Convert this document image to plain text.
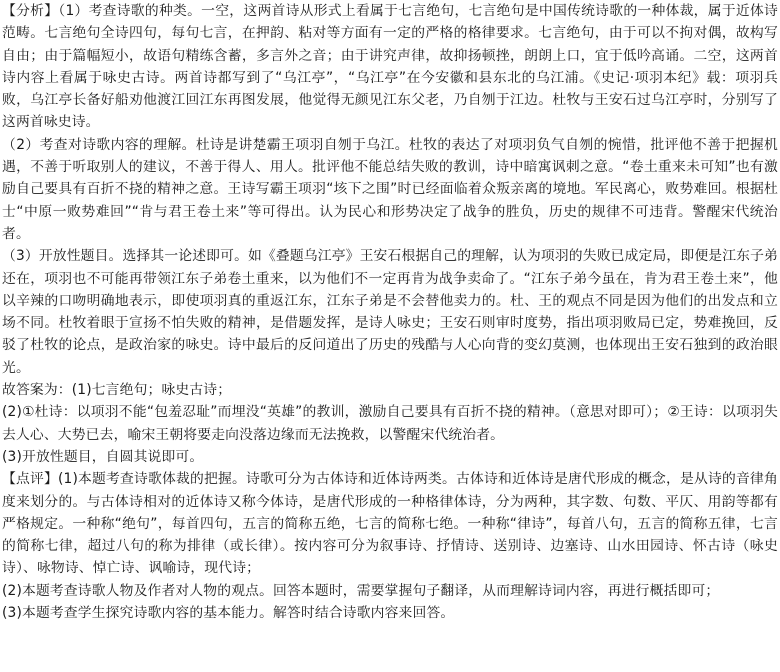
【分析】（1）考查诗歌的种类。一空，这两首诗从形式上看属于七言绝句，七言绝句是中国传统诗歌的一种体裁，属于近体诗范畴。七言绝句全诗四句，每句七言，在押韵、粘对等方面有一定的严格的格律要求。七言绝句，由于可以不拘对偶，故构写自由；由于篇幅短小，故语句精练含蓄，多言外之音；由于讲究声律，故抑扬顿挫，朗朗上口，宜于低吟高诵。二空，这两首诗内容上看属于咏史古诗。两首诗都写到了“乌江亭”，“乌江亭”在今安徽和县东北的乌江浦。《史记·项羽本纪》载：项羽兵败，乌江亭长备好船劝他渡江回江东再图发展，他觉得无颜见江东父老，乃自刎于江边。杜牧与王安石过乌江亭时，分别写了这两首咏史诗。

（2）考查对诗歌内容的理解。杜诗是讲楚霸王项羽自刎于乌江。杜牧的表达了对项羽负气自刎的惋惜，批评他不善于把握机遇，不善于听取别人的建议，不善于得人、用人。批评他不能总结失败的教训，诗中暗寓讽刺之意。“卷土重来未可知”也有激励自己要具有百折不挠的精神之意。王诗写霸王项羽“垓下之围”时已经面临着众叛亲离的境地。军民离心，败势难回。根据杜士“中原一败势难回”“肯与君王卷土来”等可得出。认为民心和形势决定了战争的胜负，历史的规律不可违背。警醒宋代统治者。

（3）开放性题目。选择其一论述即可。如《叠题乌江亭》王安石根据自己的理解，认为项羽的失败已成定局，即便是江东子弟还在，项羽也不可能再带领江东子弟卷土重来，以为他们不一定再肯为战争卖命了。“江东子弟今虽在，肯为君王卷土来”，他以辛辣的口吻明确地表示，即使项羽真的重返江东，江东子弟是不会替他卖力的。杜、王的观点不同是因为他们的出发点和立场不同。杜牧着眼于宣扬不怕失败的精神，是借题发挥，是诗人咏史；王安石则审时度势，指出项羽败局已定，势难挽回，反驳了杜牧的论点，是政治家的咏史。诗中最后的反问道出了历史的残酷与人心向背的变幻莫测，也体现出王安石独到的政治眼光。

故答案为：(1)七言绝句；咏史古诗；

(2)①杜诗：以项羽不能“包羞忍耻”而埋没“英雄”的教训，激励自己要具有百折不挠的精神。（意思对即可）；②王诗：以项羽失去人心、大势已去，喻宋王朝将要走向没落边缘而无法挽救，以警醒宋代统治者。

(3)开放性题目，自圆其说即可。

【点评】(1)本题考查诗歌体裁的把握。诗歌可分为古体诗和近体诗两类。古体诗和近体诗是唐代形成的概念，是从诗的音律角度来划分的。与古体诗相对的近体诗又称今体诗，是唐代形成的一种格律体诗，分为两种，其字数、句数、平仄、用韵等都有严格规定。一种称“绝句”，每首四句，五言的简称五绝，七言的简称七绝。一种称“律诗”，每首八句，五言的简称五律，七言的简称七律，超过八句的称为排律（或长律）。按内容可分为叙事诗、抒情诗、送别诗、边塞诗、山水田园诗、怀古诗（咏史诗）、咏物诗、悼亡诗、讽喻诗，现代诗；

(2)本题考查诗歌人物及作者对人物的观点。回答本题时，需要掌握句子翻译，从而理解诗词内容，再进行概括即可；

(3)本题考查学生探究诗歌内容的基本能力。解答时结合诗歌内容来回答。
